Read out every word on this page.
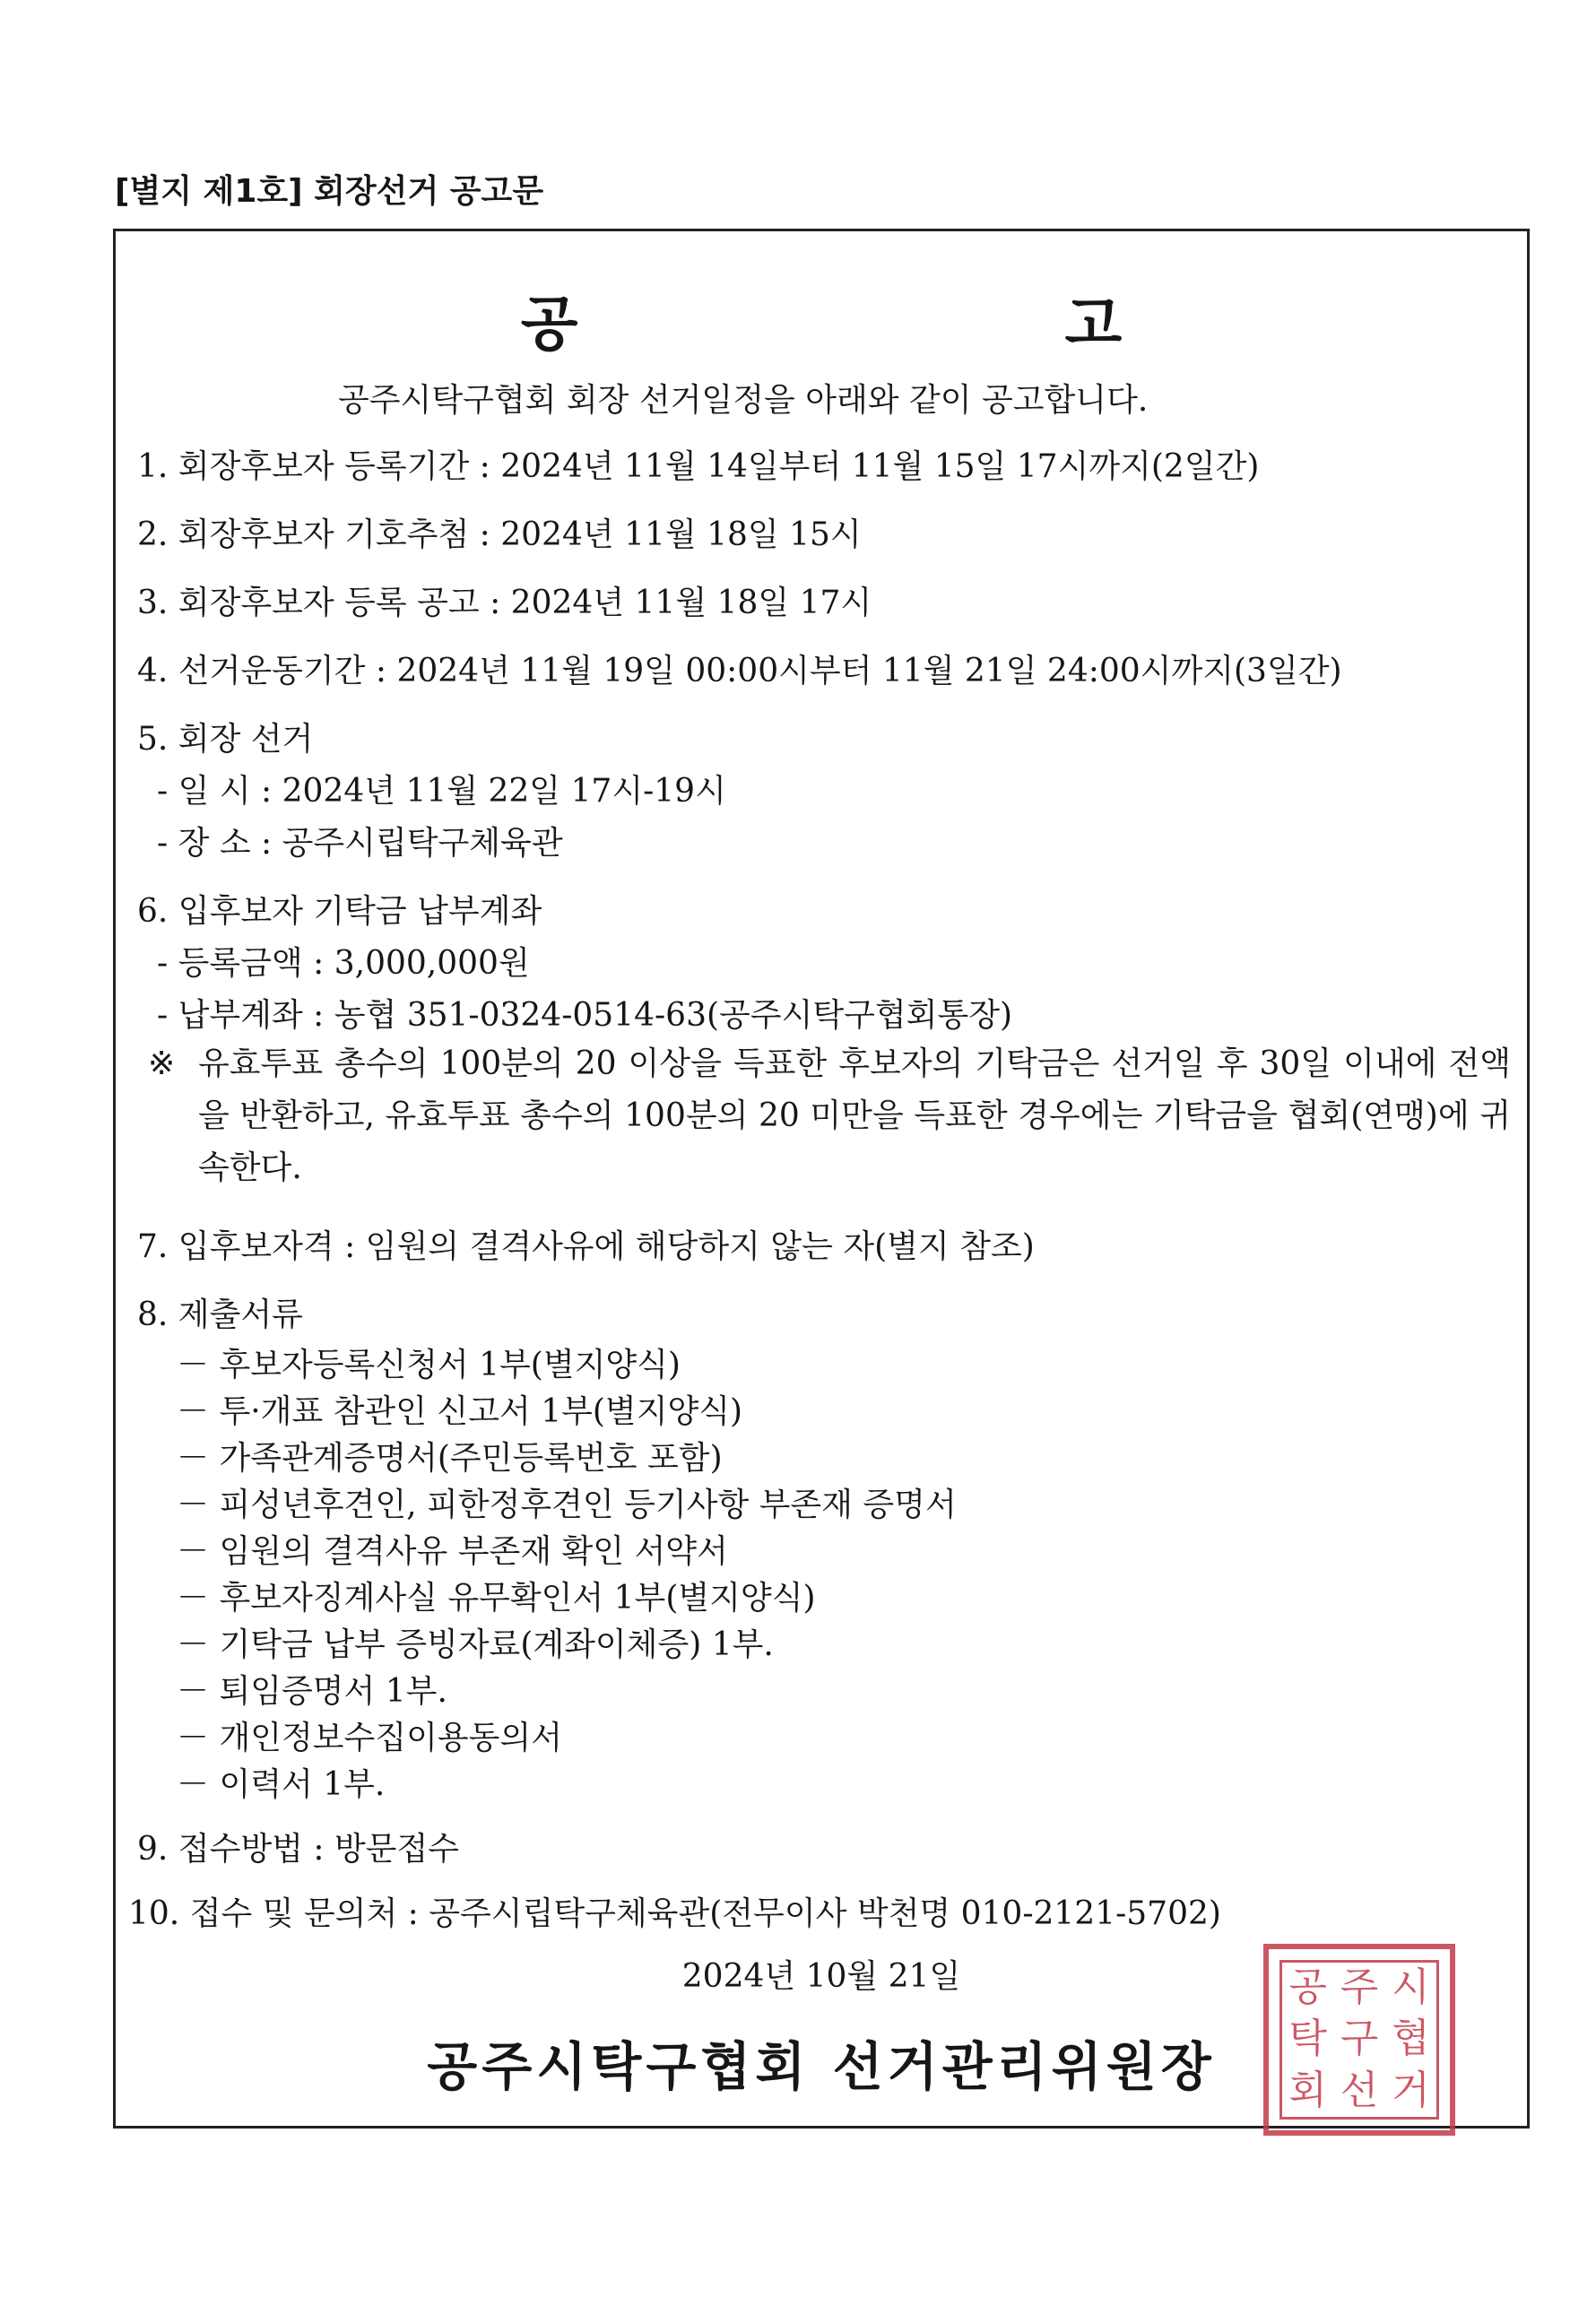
[별지 제1호] 회장선거 공고문
공 고
공주시탁구협회 회장 선거일정을 아래와 같이 공고합니다.
1. 회장후보자 등록기간 : 2024년 11월 14일부터 11월 15일 17시까지(2일간)
2. 회장후보자 기호추첨 : 2024년 11월 18일 15시
3. 회장후보자 등록 공고 : 2024년 11월 18일 17시
4. 선거운동기간 : 2024년 11월 19일 00:00시부터 11월 21일 24:00시까지(3일간)
5. 회장 선거
- 일 시 : 2024년 11월 22일 17시-19시
- 장 소 : 공주시립탁구체육관
6. 입후보자 기탁금 납부계좌
- 등록금액 : 3,000,000원
- 납부계좌 : 농협 351-0324-0514-63(공주시탁구협회통장)
※ 유효투표 총수의 100분의 20 이상을 득표한 후보자의 기탁금은 선거일 후 30일 이내에 전액을 반환하고, 유효투표 총수의 100분의 20 미만을 득표한 경우에는 기탁금을 협회(연맹)에 귀속한다.
7. 입후보자격 : 임원의 결격사유에 해당하지 않는 자(별지 참조)
8. 제출서류
－ 후보자등록신청서 1부(별지양식)
－ 투·개표 참관인 신고서 1부(별지양식)
－ 가족관계증명서(주민등록번호 포함)
－ 피성년후견인, 피한정후견인 등기사항 부존재 증명서
－ 임원의 결격사유 부존재 확인 서약서
－ 후보자징계사실 유무확인서 1부(별지양식)
－ 기탁금 납부 증빙자료(계좌이체증) 1부.
－ 퇴임증명서 1부.
－ 개인정보수집이용동의서
－ 이력서 1부.
9. 접수방법 : 방문접수
10. 접수 및 문의처 : 공주시립탁구체육관(전무이사 박천명 010-2121-5702)
2024년 10월 21일	공 주 시
탁 구 협
회 선 거
공주시탁구협회 선거관리위원장
